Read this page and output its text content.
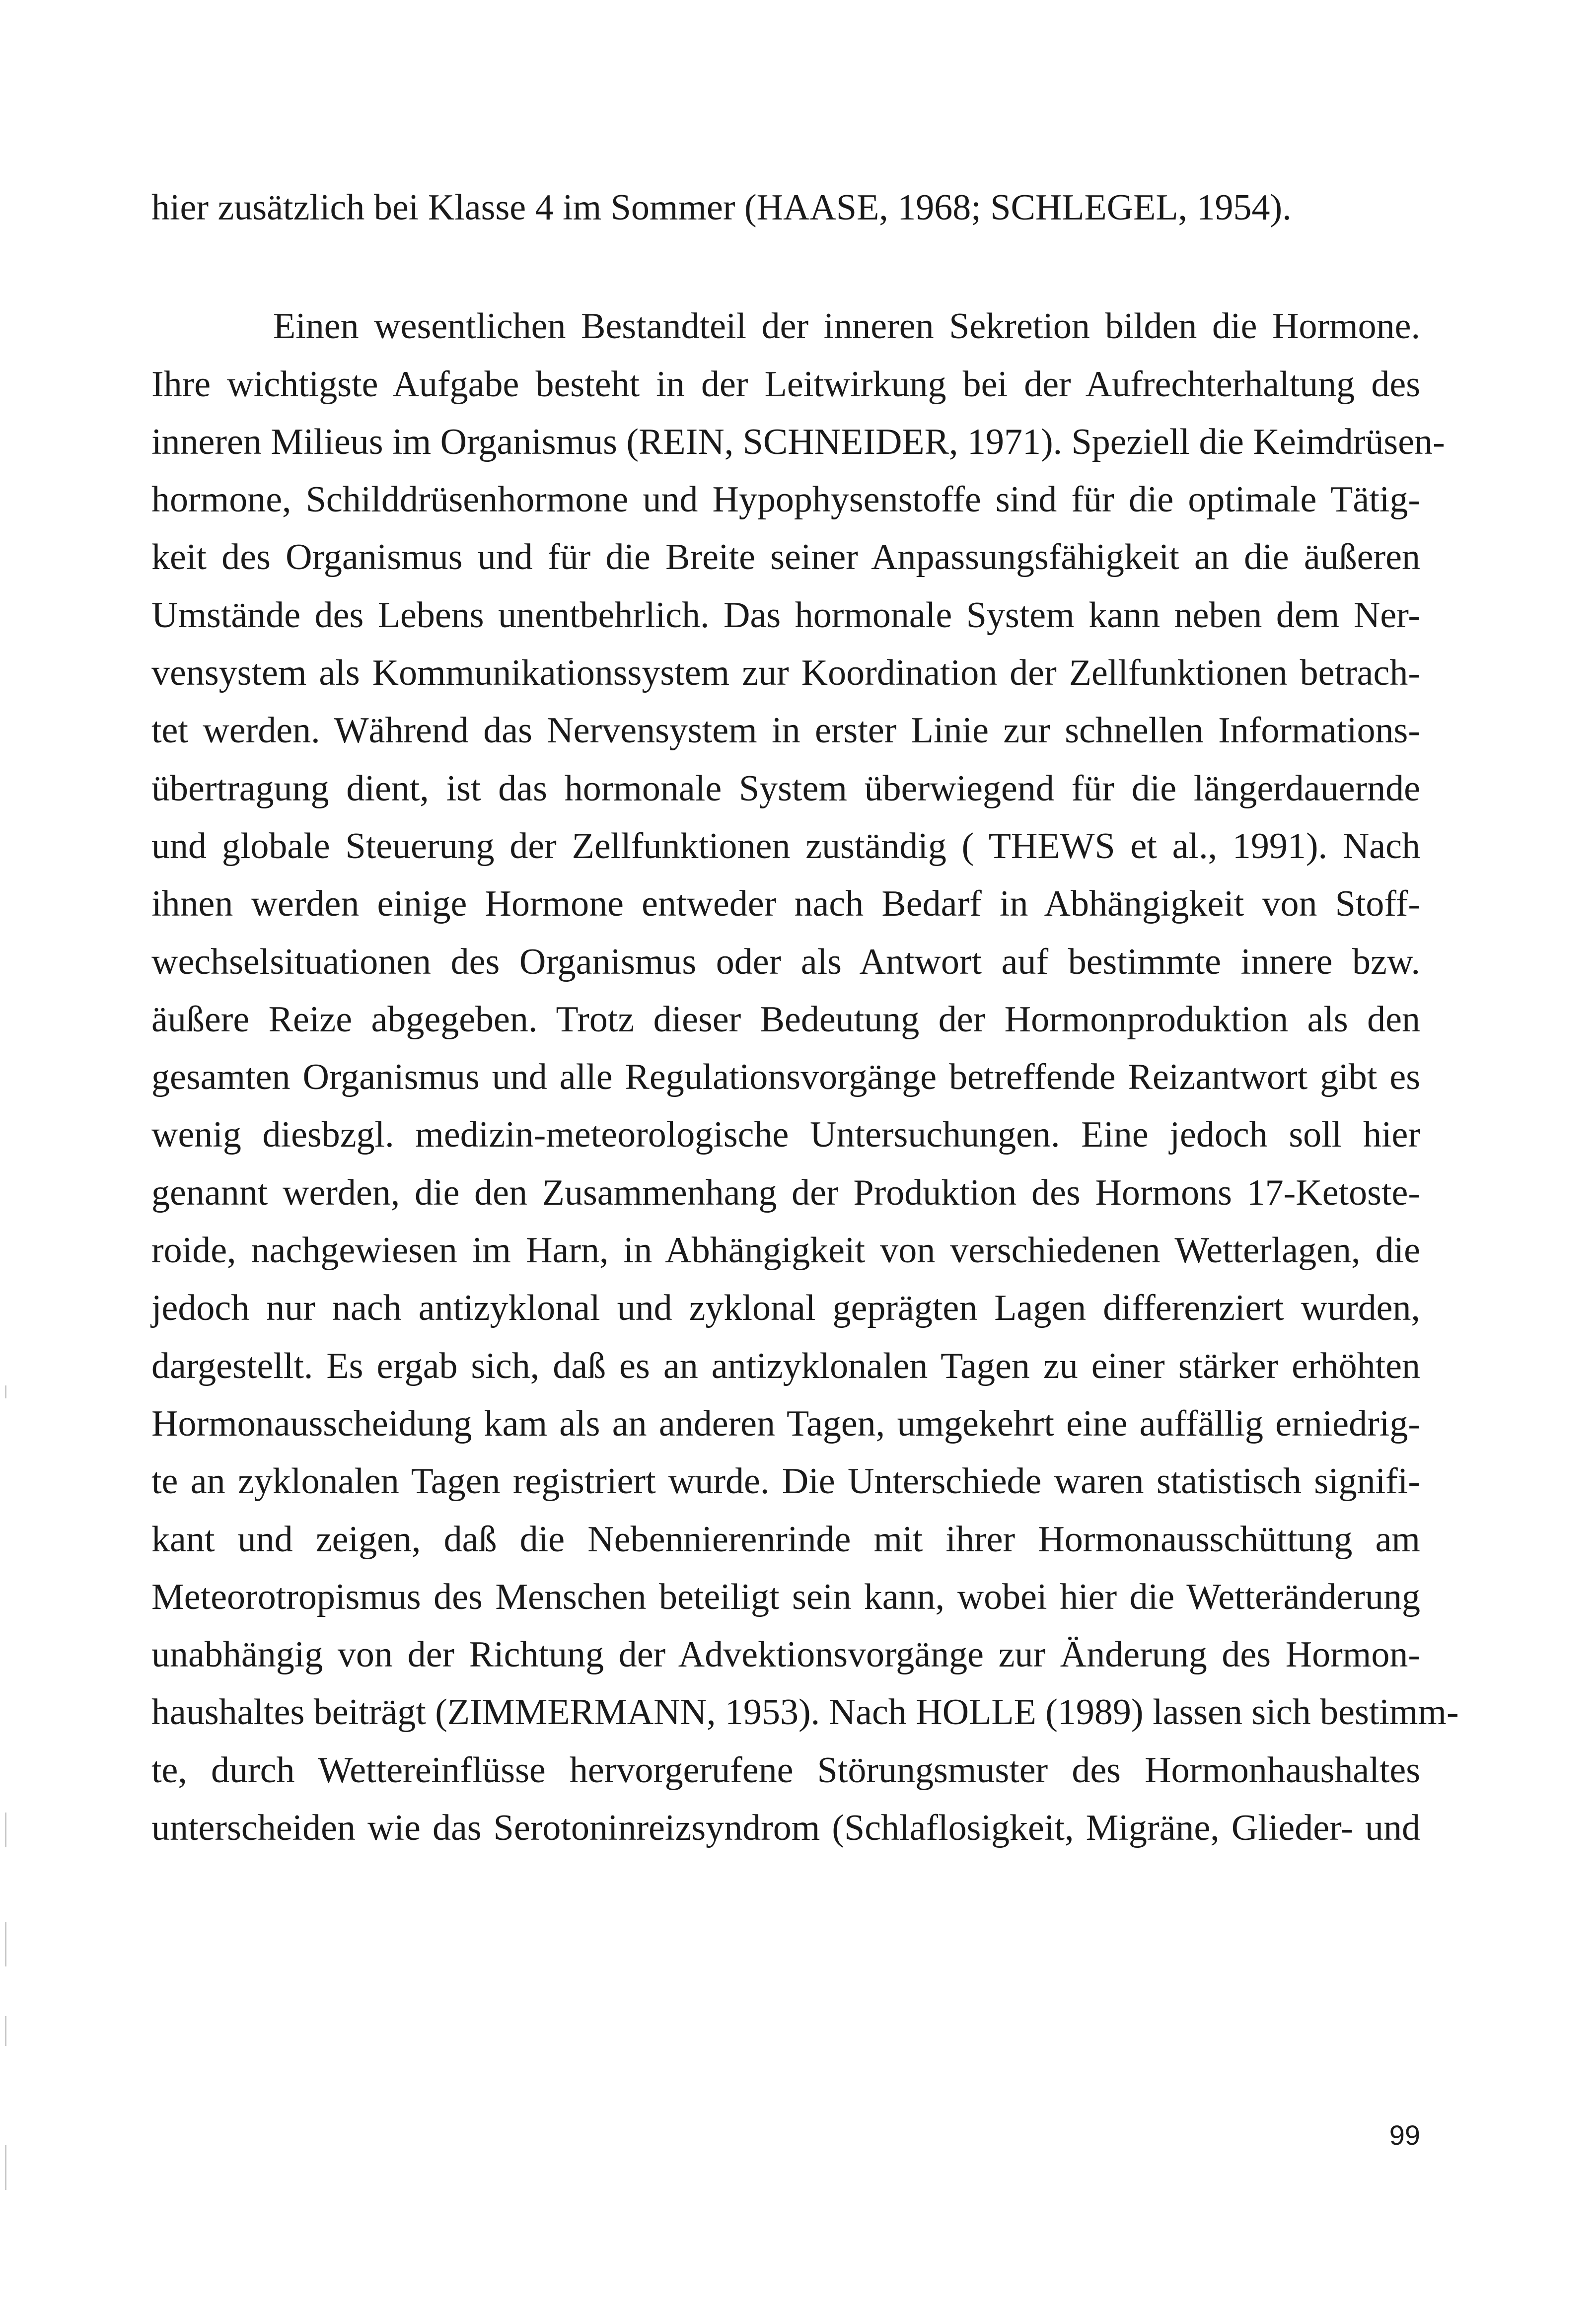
hier zusätzlich bei Klasse 4 im Sommer (HAASE, 1968; SCHLEGEL, 1954).
Einen wesentlichen Bestandteil der inneren Sekretion bilden die Hormone.
Ihre wichtigste Aufgabe besteht in der Leitwirkung bei der Aufrechterhaltung des
inneren Milieus im Organismus (REIN, SCHNEIDER, 1971). Speziell die Keimdrüsen-
hormone, Schilddrüsenhormone und Hypophysenstoffe sind für die optimale Tätig-
keit des Organismus und für die Breite seiner Anpassungsfähigkeit an die äußeren
Umstände des Lebens unentbehrlich. Das hormonale System kann neben dem Ner-
vensystem als Kommunikationssystem zur Koordination der Zellfunktionen betrach-
tet werden. Während das Nervensystem in erster Linie zur schnellen Informations-
übertragung dient, ist das hormonale System überwiegend für die längerdauernde
und globale Steuerung der Zellfunktionen zuständig ( THEWS et al., 1991). Nach
ihnen werden einige Hormone entweder nach Bedarf in Abhängigkeit von Stoff-
wechselsituationen des Organismus oder als Antwort auf bestimmte innere bzw.
äußere Reize abgegeben. Trotz dieser Bedeutung der Hormonproduktion als den
gesamten Organismus und alle Regulationsvorgänge betreffende Reizantwort gibt es
wenig diesbzgl. medizin-meteorologische Untersuchungen. Eine jedoch soll hier
genannt werden, die den Zusammenhang der Produktion des Hormons 17-Ketoste-
roide, nachgewiesen im Harn, in Abhängigkeit von verschiedenen Wetterlagen, die
jedoch nur nach antizyklonal und zyklonal geprägten Lagen differenziert wurden,
dargestellt. Es ergab sich, daß es an antizyklonalen Tagen zu einer stärker erhöhten
Hormonausscheidung kam als an anderen Tagen, umgekehrt eine auffällig erniedrig-
te an zyklonalen Tagen registriert wurde. Die Unterschiede waren statistisch signifi-
kant und zeigen, daß die Nebennierenrinde mit ihrer Hormonausschüttung am
Meteorotropismus des Menschen beteiligt sein kann, wobei hier die Wetteränderung
unabhängig von der Richtung der Advektionsvorgänge zur Änderung des Hormon-
haushaltes beiträgt (ZIMMERMANN, 1953). Nach HOLLE (1989) lassen sich bestimm-
te, durch Wettereinflüsse hervorgerufene Störungsmuster des Hormonhaushaltes
unterscheiden wie das Serotoninreizsyndrom (Schlaflosigkeit, Migräne, Glieder- und
99
